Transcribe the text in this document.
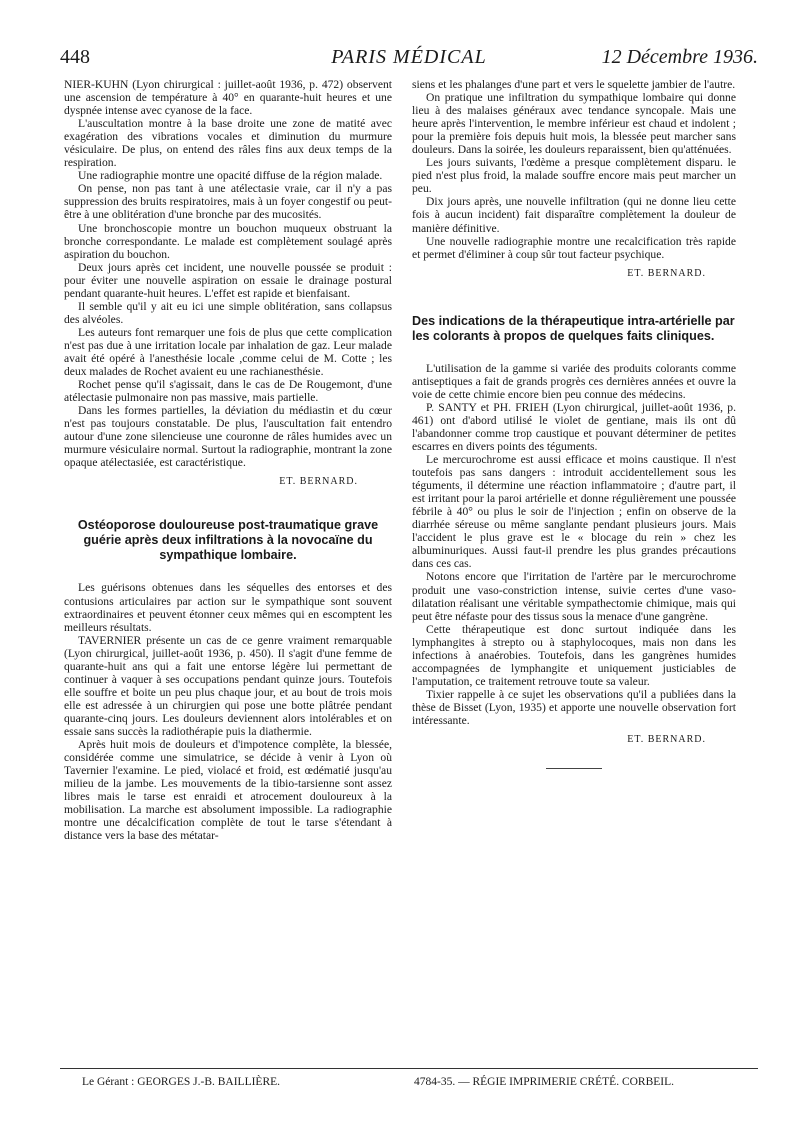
448	PARIS MÉDICAL	12 Décembre 1936.

NIER-KUHN (Lyon chirurgical : juillet-août 1936, p. 472) observent une ascension de température à 40° en quarante-huit heures et une dyspnée intense avec cyanose de la face.

L'auscultation montre à la base droite une zone de matité avec exagération des vibrations vocales et diminution du murmure vésiculaire. De plus, on entend des râles fins aux deux temps de la respiration.

Une radiographie montre une opacité diffuse de la région malade.

On pense, non pas tant à une atélectasie vraie, car il n'y a pas suppression des bruits respiratoires, mais à un foyer congestif ou peut-être à une oblitération d'une bronche par des mucosités.

Une bronchoscopie montre un bouchon muqueux obstruant la bronche correspondante. Le malade est complètement soulagé après aspiration du bouchon.

Deux jours après cet incident, une nouvelle poussée se produit : pour éviter une nouvelle aspiration on essaie le drainage postural pendant quarante-huit heures. L'effet est rapide et bienfaisant.

Il semble qu'il y ait eu ici une simple oblitération, sans collapsus des alvéoles.

Les auteurs font remarquer une fois de plus que cette complication n'est pas due à une irritation locale par inhalation de gaz. Leur malade avait été opéré à l'anesthésie locale ,comme celui de M. Cotte ; les deux malades de Rochet avaient eu une rachianesthésie.

Rochet pense qu'il s'agissait, dans le cas de De Rougemont, d'une atélectasie pulmonaire non pas massive, mais partielle.

Dans les formes partielles, la déviation du médiastin et du cœur n'est pas toujours constatable. De plus, l'auscultation fait entendro autour d'une zone silencieuse une couronne de râles humides avec un murmure vésiculaire normal. Surtout la radiographie, montrant la zone opaque atélectasiée, est caractéristique.

ET. BERNARD.
Ostéoporose douloureuse post-traumatique grave guérie après deux infiltrations à la novocaïne du sympathique lombaire.

Les guérisons obtenues dans les séquelles des entorses et des contusions articulaires par action sur le sympathique sont souvent extraordinaires et peuvent étonner ceux mêmes qui en escomptent les meilleurs résultats.

TAVERNIER présente un cas de ce genre vraiment remarquable (Lyon chirurgical, juillet-août 1936, p. 450). Il s'agit d'une femme de quarante-huit ans qui a fait une entorse légère lui permettant de continuer à vaquer à ses occupations pendant quinze jours. Toutefois elle souffre et boite un peu plus chaque jour, et au bout de trois mois elle est adressée à un chirurgien qui pose une botte plâtrée pendant quarante-cinq jours. Les douleurs deviennent alors intolérables et on essaie sans succès la radiothérapie puis la diathermie.

Après huit mois de douleurs et d'impotence complète, la blessée, considérée comme une simulatrice, se décide à venir à Lyon où Tavernier l'examine. Le pied, violacé et froid, est œdématié jusqu'au milieu de la jambe. Les mouvements de la tibio-tarsienne sont assez libres mais le tarse est enraidi et atrocement douloureux à la mobilisation. La marche est absolument impossible. La radiographie montre une décalcification complète de tout le tarse s'étendant à distance vers la base des métatar-

siens et les phalanges d'une part et vers le squelette jambier de l'autre.

On pratique une infiltration du sympathique lombaire qui donne lieu à des malaises généraux avec tendance syncopale. Mais une heure après l'intervention, le membre inférieur est chaud et indolent ; pour la première fois depuis huit mois, la blessée peut marcher sans douleurs. Dans la soirée, les douleurs reparaissent, bien qu'atténuées.

Les jours suivants, l'œdème a presque complètement disparu. le pied n'est plus froid, la malade souffre encore mais peut marcher un peu.

Dix jours après, une nouvelle infiltration (qui ne donne lieu cette fois à aucun incident) fait disparaître complètement la douleur de manière définitive.

Une nouvelle radiographie montre une recalcification très rapide et permet d'éliminer à coup sûr tout facteur psychique.

ET. BERNARD.
Des indications de la thérapeutique intra-artérielle par les colorants à propos de quelques faits cliniques.

L'utilisation de la gamme si variée des produits colorants comme antiseptiques a fait de grands progrès ces dernières années et ouvre la voie de cette chimie encore bien peu connue des médecins.

P. SANTY et PH. FRIEH (Lyon chirurgical, juillet-août 1936, p. 461) ont d'abord utilisé le violet de gentiane, mais ils ont dû l'abandonner comme trop caustique et pouvant déterminer de petites escarres en divers points des téguments.

Le mercurochrome est aussi efficace et moins caustique. Il n'est toutefois pas sans dangers : introduit accidentellement sous les téguments, il détermine une réaction inflammatoire ; d'autre part, il est irritant pour la paroi artérielle et donne régulièrement une poussée fébrile à 40° ou plus le soir de l'injection ; enfin on observe de la diarrhée séreuse ou même sanglante pendant plusieurs jours. Mais l'accident le plus grave est le « blocage du rein » chez les albuminuriques. Aussi faut-il prendre les plus grandes précautions dans ces cas.

Notons encore que l'irritation de l'artère par le mercurochrome produit une vaso-constriction intense, suivie certes d'une vaso-dilatation réalisant une véritable sympathectomie chimique, mais qui peut être néfaste pour des tissus sous la menace d'une gangrène.

Cette thérapeutique est donc surtout indiquée dans les lymphangites à strepto ou à staphylocoques, mais non dans les infections à anaérobies. Toutefois, dans les gangrènes humides accompagnées de lymphangite et uniquement justiciables de l'amputation, ce traitement retrouve toute sa valeur.

Tixier rappelle à ce sujet les observations qu'il a publiées dans la thèse de Bisset (Lyon, 1935) et apporte une nouvelle observation fort intéressante.

ET. BERNARD.
Le Gérant : GEORGES J.-B. BAILLIÈRE.	4784-35. — RÉGIE IMPRIMERIE CRÉTÉ. CORBEIL.
